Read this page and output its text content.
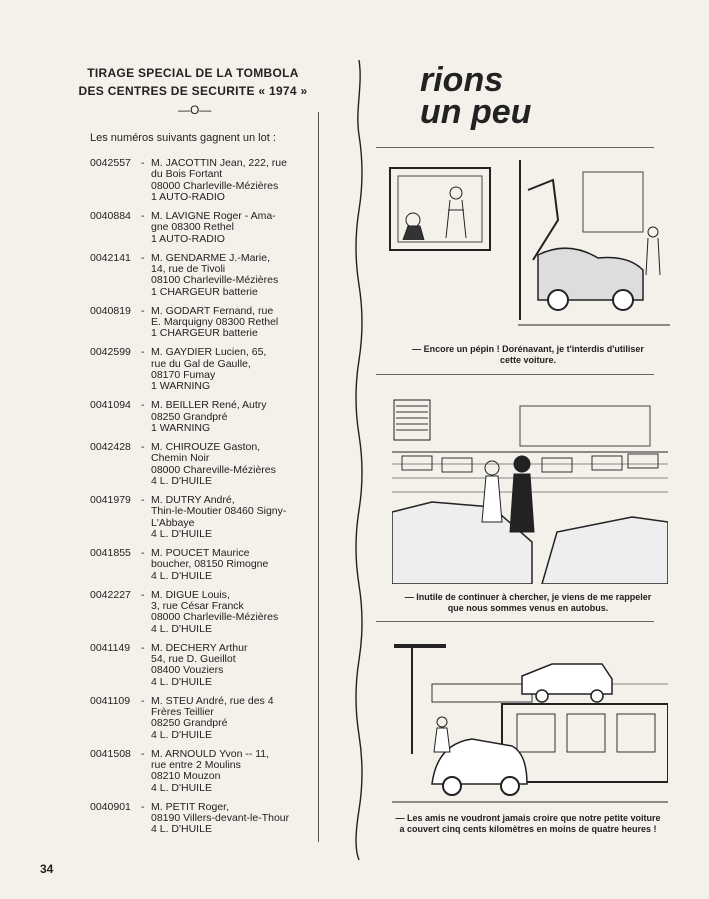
TIRAGE SPECIAL DE LA TOMBOLA
DES CENTRES DE SECURITE « 1974 »
—O—
Les numéros suivants gagnent un lot :
0042557 - M. JACOTTIN Jean, 222, rue
du Bois Fortant
08000 Charleville-Mézières
1 AUTO-RADIO
0040884 - M. LAVIGNE Roger - Ama-
gne 08300 Rethel
1 AUTO-RADIO
0042141 - M. GENDARME J.-Marie,
14, rue de Tivoli
08100 Charleville-Mézières
1 CHARGEUR batterie
0040819 - M. GODART Fernand, rue
E. Marquigny 08300 Rethel
1 CHARGEUR batterie
0042599 - M. GAYDIER Lucien, 65,
rue du Gal de Gaulle,
08170 Fumay
1 WARNING
0041094 - M. BEILLER René, Autry
08250 Grandpré
1 WARNING
0042428 - M. CHIROUZE Gaston,
Chemin Noir
08000 Chareville-Mézières
4 L. D'HUILE
0041979 - M. DUTRY André,
Thin-le-Moutier 08460 Signy-
L'Abbaye
4 L. D'HUILE
0041855 - M. POUCET Maurice
boucher, 08150 Rimogne
4 L. D'HUILE
0042227 - M. DIGUE Louis,
3, rue César Franck
08000 Charleville-Mézières
4 L. D'HUILE
0041149	- M. DECHERY Arthur
54, rue D. Gueillot
08400 Vouziers
4 L. D'HUILE
0041109	- M. STEU André, rue des 4
Frères Teillier
08250 Grandpré
4 L. D'HUILE
0041508 - M. ARNOULD Yvon -- 11,
rue entre 2 Moulins
08210 Mouzon
4 L. D'HUILE
0040901 - M. PETIT Roger,
08190 Villers-devant-le-Thour
4 L. D'HUILE
rions
un peu
— Encore un pépin ! Dorénavant, je t'interdis d'utiliser
cette voiture.
— Inutile de continuer à chercher, je viens de me rappeler
que nous sommes venus en autobus.
— Les amis ne voudront jamais croire que notre petite voiture
a couvert cinq cents kilomètres en moins de quatre heures !
34
